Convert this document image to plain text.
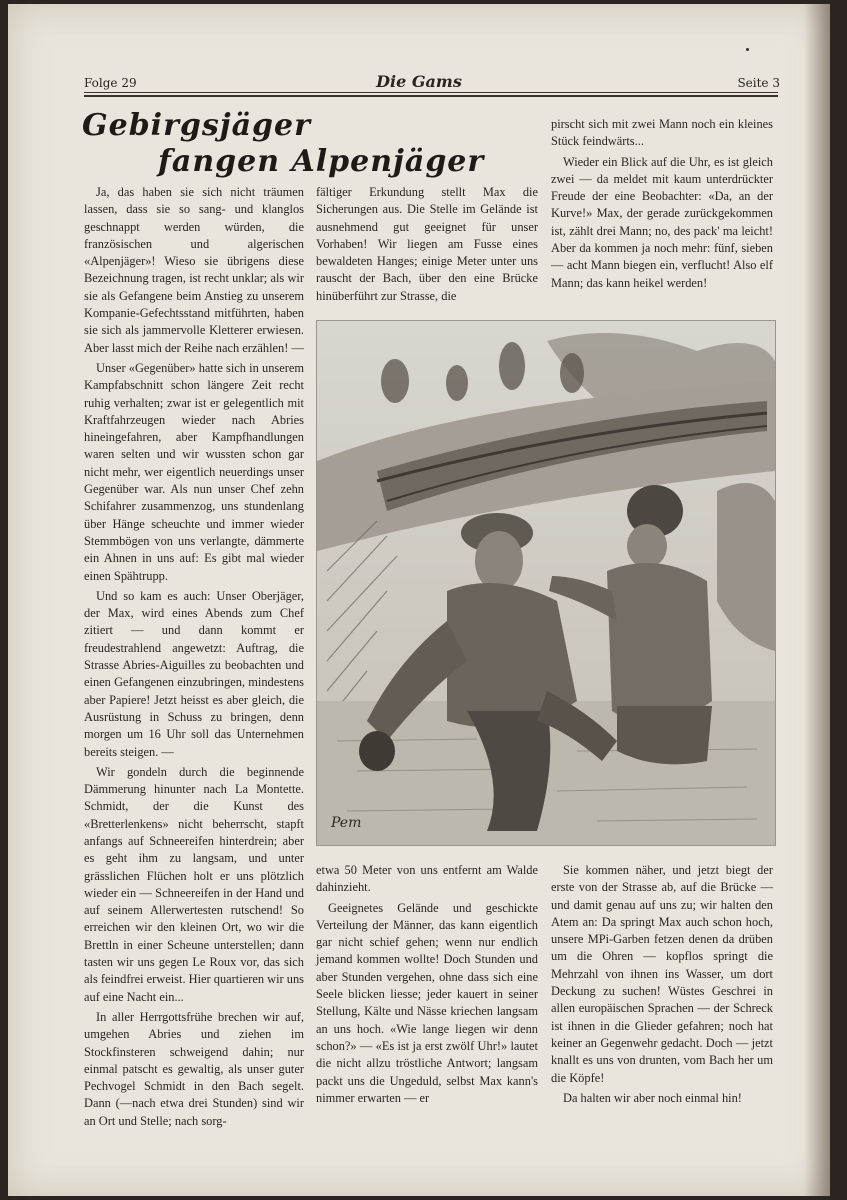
Folge 29	Die Gams	Seite 3
Gebirgsjäger
fangen Alpenjäger

Ja, das haben sie sich nicht träumen lassen, dass sie so sang- und klanglos geschnappt werden würden, die französischen und algerischen «Alpenjäger»! Wieso sie übrigens diese Bezeichnung tragen, ist recht unklar; als wir sie als Gefangene beim Anstieg zu unserem Kompanie-Gefechtsstand mitführten, haben sie sich als jammervolle Kletterer erwiesen. Aber lasst mich der Reihe nach erzählen! —

Unser «Gegenüber» hatte sich in unserem Kampfabschnitt schon längere Zeit recht ruhig verhalten; zwar ist er gelegentlich mit Kraftfahrzeugen wieder nach Abries hineingefahren, aber Kampfhandlungen waren selten und wir wussten schon gar nicht mehr, wer eigentlich neuerdings unser Gegenüber war. Als nun unser Chef zehn Schifahrer zusammenzog, uns stundenlang über Hänge scheuchte und immer wieder Stemmbögen von uns verlangte, dämmerte ein Ahnen in uns auf: Es gibt mal wieder einen Spähtrupp.

Und so kam es auch: Unser Oberjäger, der Max, wird eines Abends zum Chef zitiert — und dann kommt er freudestrahlend angewetzt: Auftrag, die Strasse Abries-Aiguilles zu beobachten und einen Gefangenen einzubringen, mindestens aber Papiere! Jetzt heisst es aber gleich, die Ausrüstung in Schuss zu bringen, denn morgen um 16 Uhr soll das Unternehmen bereits steigen. —

Wir gondeln durch die beginnende Dämmerung hinunter nach La Montette. Schmidt, der die Kunst des «Bretterlenkens» nicht beherrscht, stapft anfangs auf Schneereifen hinterdrein; aber es geht ihm zu langsam, und unter grässlichen Flüchen holt er uns plötzlich wieder ein — Schneereifen in der Hand und auf seinem Allerwertesten rutschend! So erreichen wir den kleinen Ort, wo wir die Brettln in einer Scheune unterstellen; dann tasten wir uns gegen Le Roux vor, das sich als feindfrei erweist. Hier quartieren wir uns auf eine Nacht ein...

In aller Herrgottsfrühe brechen wir auf, umgehen Abries und ziehen im Stockfinsteren schweigend dahin; nur einmal patscht es gewaltig, als unser guter Pechvogel Schmidt in den Bach segelt. Dann (—nach etwa drei Stunden) sind wir an Ort und Stelle; nach sorg-

fältiger Erkundung stellt Max die Sicherungen aus. Die Stelle im Gelände ist ausnehmend gut geeignet für unser Vorhaben! Wir liegen am Fusse eines bewaldeten Hanges; einige Meter unter uns rauscht der Bach, über den eine Brücke hinüberführt zur Strasse, die

pirscht sich mit zwei Mann noch ein kleines Stück feindwärts...

Wieder ein Blick auf die Uhr, es ist gleich zwei — da meldet mit kaum unterdrückter Freude der eine Beobachter: «Da, an der Kurve!» Max, der gerade zurückgekommen ist, zählt drei Mann; no, des pack' ma leicht! Aber da kommen ja noch mehr: fünf, sieben — acht Mann biegen ein, verflucht! Also elf Mann; das kann heikel werden!

Pem

etwa 50 Meter von uns entfernt am Walde dahinzieht.

Geeignetes Gelände und geschickte Verteilung der Männer, das kann eigentlich gar nicht schief gehen; wenn nur endlich jemand kommen wollte! Doch Stunden und aber Stunden vergehen, ohne dass sich eine Seele blicken liesse; jeder kauert in seiner Stellung, Kälte und Nässe kriechen langsam an uns hoch. «Wie lange liegen wir denn schon?» — «Es ist ja erst zwölf Uhr!» lautet die nicht allzu tröstliche Antwort; langsam packt uns die Ungeduld, selbst Max kann's nimmer erwarten — er

Sie kommen näher, und jetzt biegt der erste von der Strasse ab, auf die Brücke — und damit genau auf uns zu; wir halten den Atem an: Da springt Max auch schon hoch, unsere MPi-Garben fetzen denen da drüben um die Ohren — kopflos springt die Mehrzahl von ihnen ins Wasser, um dort Deckung zu suchen! Wüstes Geschrei in allen europäischen Sprachen — der Schreck ist ihnen in die Glieder gefahren; noch hat keiner an Gegenwehr gedacht. Doch — jetzt knallt es uns von drunten, vom Bach her um die Köpfe!

Da halten wir aber noch einmal hin!
